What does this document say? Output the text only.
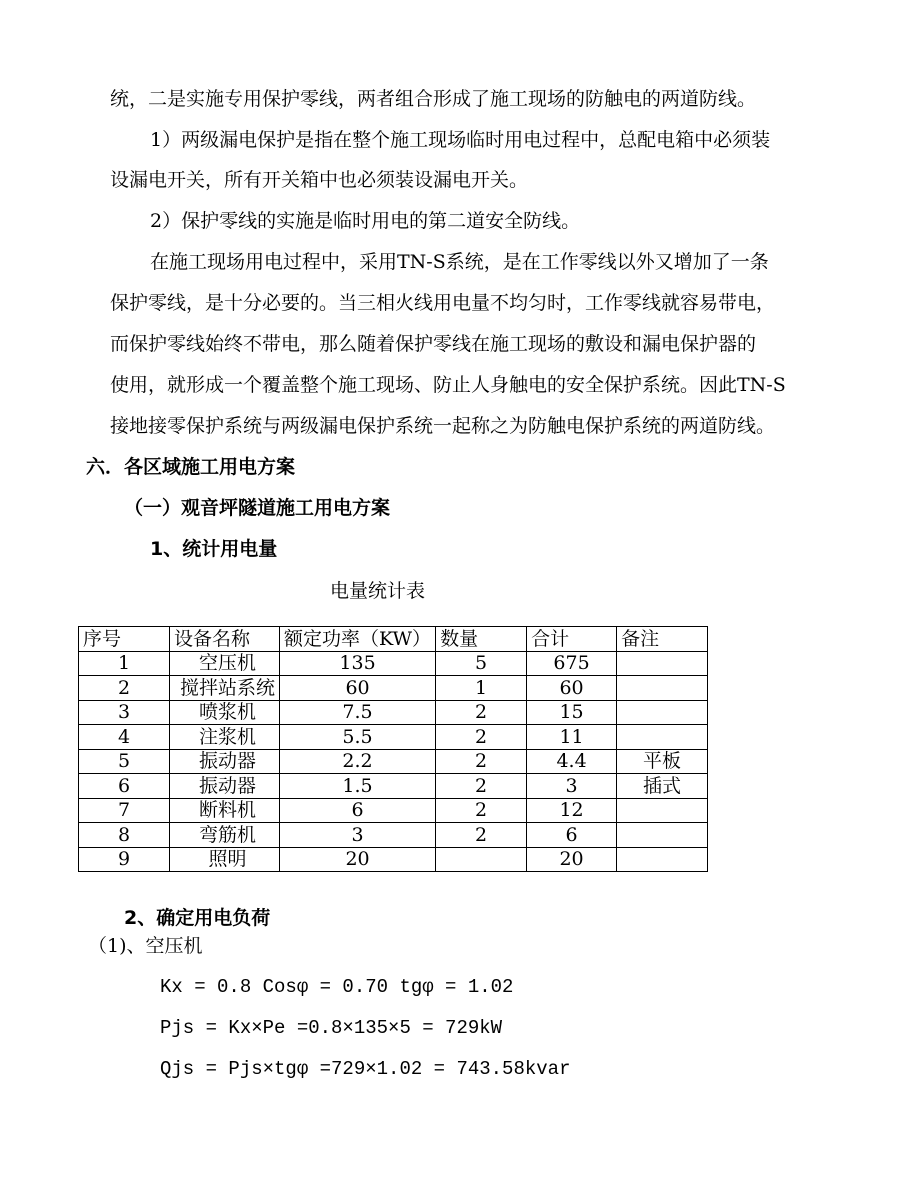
统，二是实施专用保护零线，两者组合形成了施工现场的防触电的两道防线。
1）两级漏电保护是指在整个施工现场临时用电过程中，总配电箱中必须装
设漏电开关，所有开关箱中也必须装设漏电开关。
2）保护零线的实施是临时用电的第二道安全防线。
在施工现场用电过程中，采用TN-S系统，是在工作零线以外又增加了一条
保护零线，是十分必要的。当三相火线用电量不均匀时，工作零线就容易带电，
而保护零线始终不带电，那么随着保护零线在施工现场的敷设和漏电保护器的
使用，就形成一个覆盖整个施工现场、防止人身触电的安全保护系统。因此TN-S
接地接零保护系统与两级漏电保护系统一起称之为防触电保护系统的两道防线。
六．各区域施工用电方案
（一）观音坪隧道施工用电方案
1、统计用电量
电量统计表
序号	设备名称	额定功率（KW）	数量	合计	备注
1	空压机	135	5	675	
2	搅拌站系统	60	1	60	
3	喷浆机	7.5	2	15	
4	注浆机	5.5	2	11	
5	振动器	2.2	2	4.4	平板
6	振动器	1.5	2	3	插式
7	断料机	6	2	12	
8	弯筋机	3	2	6	
9	照明	20		20	
2、确定用电负荷
（1)、空压机
Kx = 0.8 Cosφ = 0.70 tgφ = 1.02
Pjs = Kx×Pe =0.8×135×5 = 729kW
Qjs = Pjs×tgφ =729×1.02 = 743.58kvar
